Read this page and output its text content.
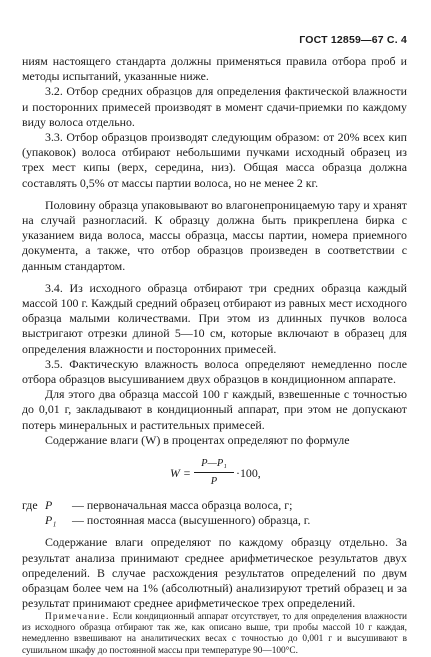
ГОСТ 12859—67 С. 4

ниям настоящего стандарта должны применяться правила отбора проб и методы испытаний, указанные ниже.

3.2. Отбор средних образцов для определения фактической влажности и посторонних примесей производят в момент сдачи-приемки по каждому виду волоса отдельно.

3.3. Отбор образцов производят следующим образом: от 20% всех кип (упаковок) волоса отбирают небольшими пучками исходный образец из трех мест кипы (верх, середина, низ). Общая масса образца должна составлять 0,5% от массы партии волоса, но не менее 2 кг.

Половину образца упаковывают во влагонепроницаемую тару и хранят на случай разногласий. К образцу должна быть прикреплена бирка с указанием вида волоса, массы образца, массы партии, номера приемного документа, а также, что отбор образцов произведен в соответствии с данным стандартом.

3.4. Из исходного образца отбирают три средних образца каждый массой 100 г. Каждый средний образец отбирают из равных мест исходного образца малыми количествами. При этом из длинных пучков волоса выстригают отрезки длиной 5—10 см, которые включают в образец для определения влажности и посторонних примесей.

3.5. Фактическую влажность волоса определяют немедленно после отбора образцов высушиванием двух образцов в кондиционном аппарате.

Для этого два образца массой 100 г каждый, взвешенные с точностью до 0,01 г, закладывают в кондиционный аппарат, при этом не допускают потерь минеральных и растительных примесей.

Содержание влаги (W) в процентах определяют по формуле

$W = \frac{\text{P—P₁}}{P} \cdot 100$,
где P	— первоначальная масса образца волоса, г;
P₁	— постоянная масса (высушенного) образца, г.

Содержание влаги определяют по каждому образцу отдельно. За результат анализа принимают среднее арифметическое результатов двух определений. В случае расхождения результатов определений по двум образцам более чем на 1% (абсолютный) анализируют третий образец и за результат принимают среднее арифметическое трех определений.

Примечание. Если кондиционный аппарат отсутствует, то для определения влажности из исходного образца отбирают так же, как описано выше, три пробы массой 10 г каждая, немедленно взвешивают на аналитических весах с точностью до 0,001 г и высушивают в сушильном шкафу до постоянной массы при температуре 90—100°С.
